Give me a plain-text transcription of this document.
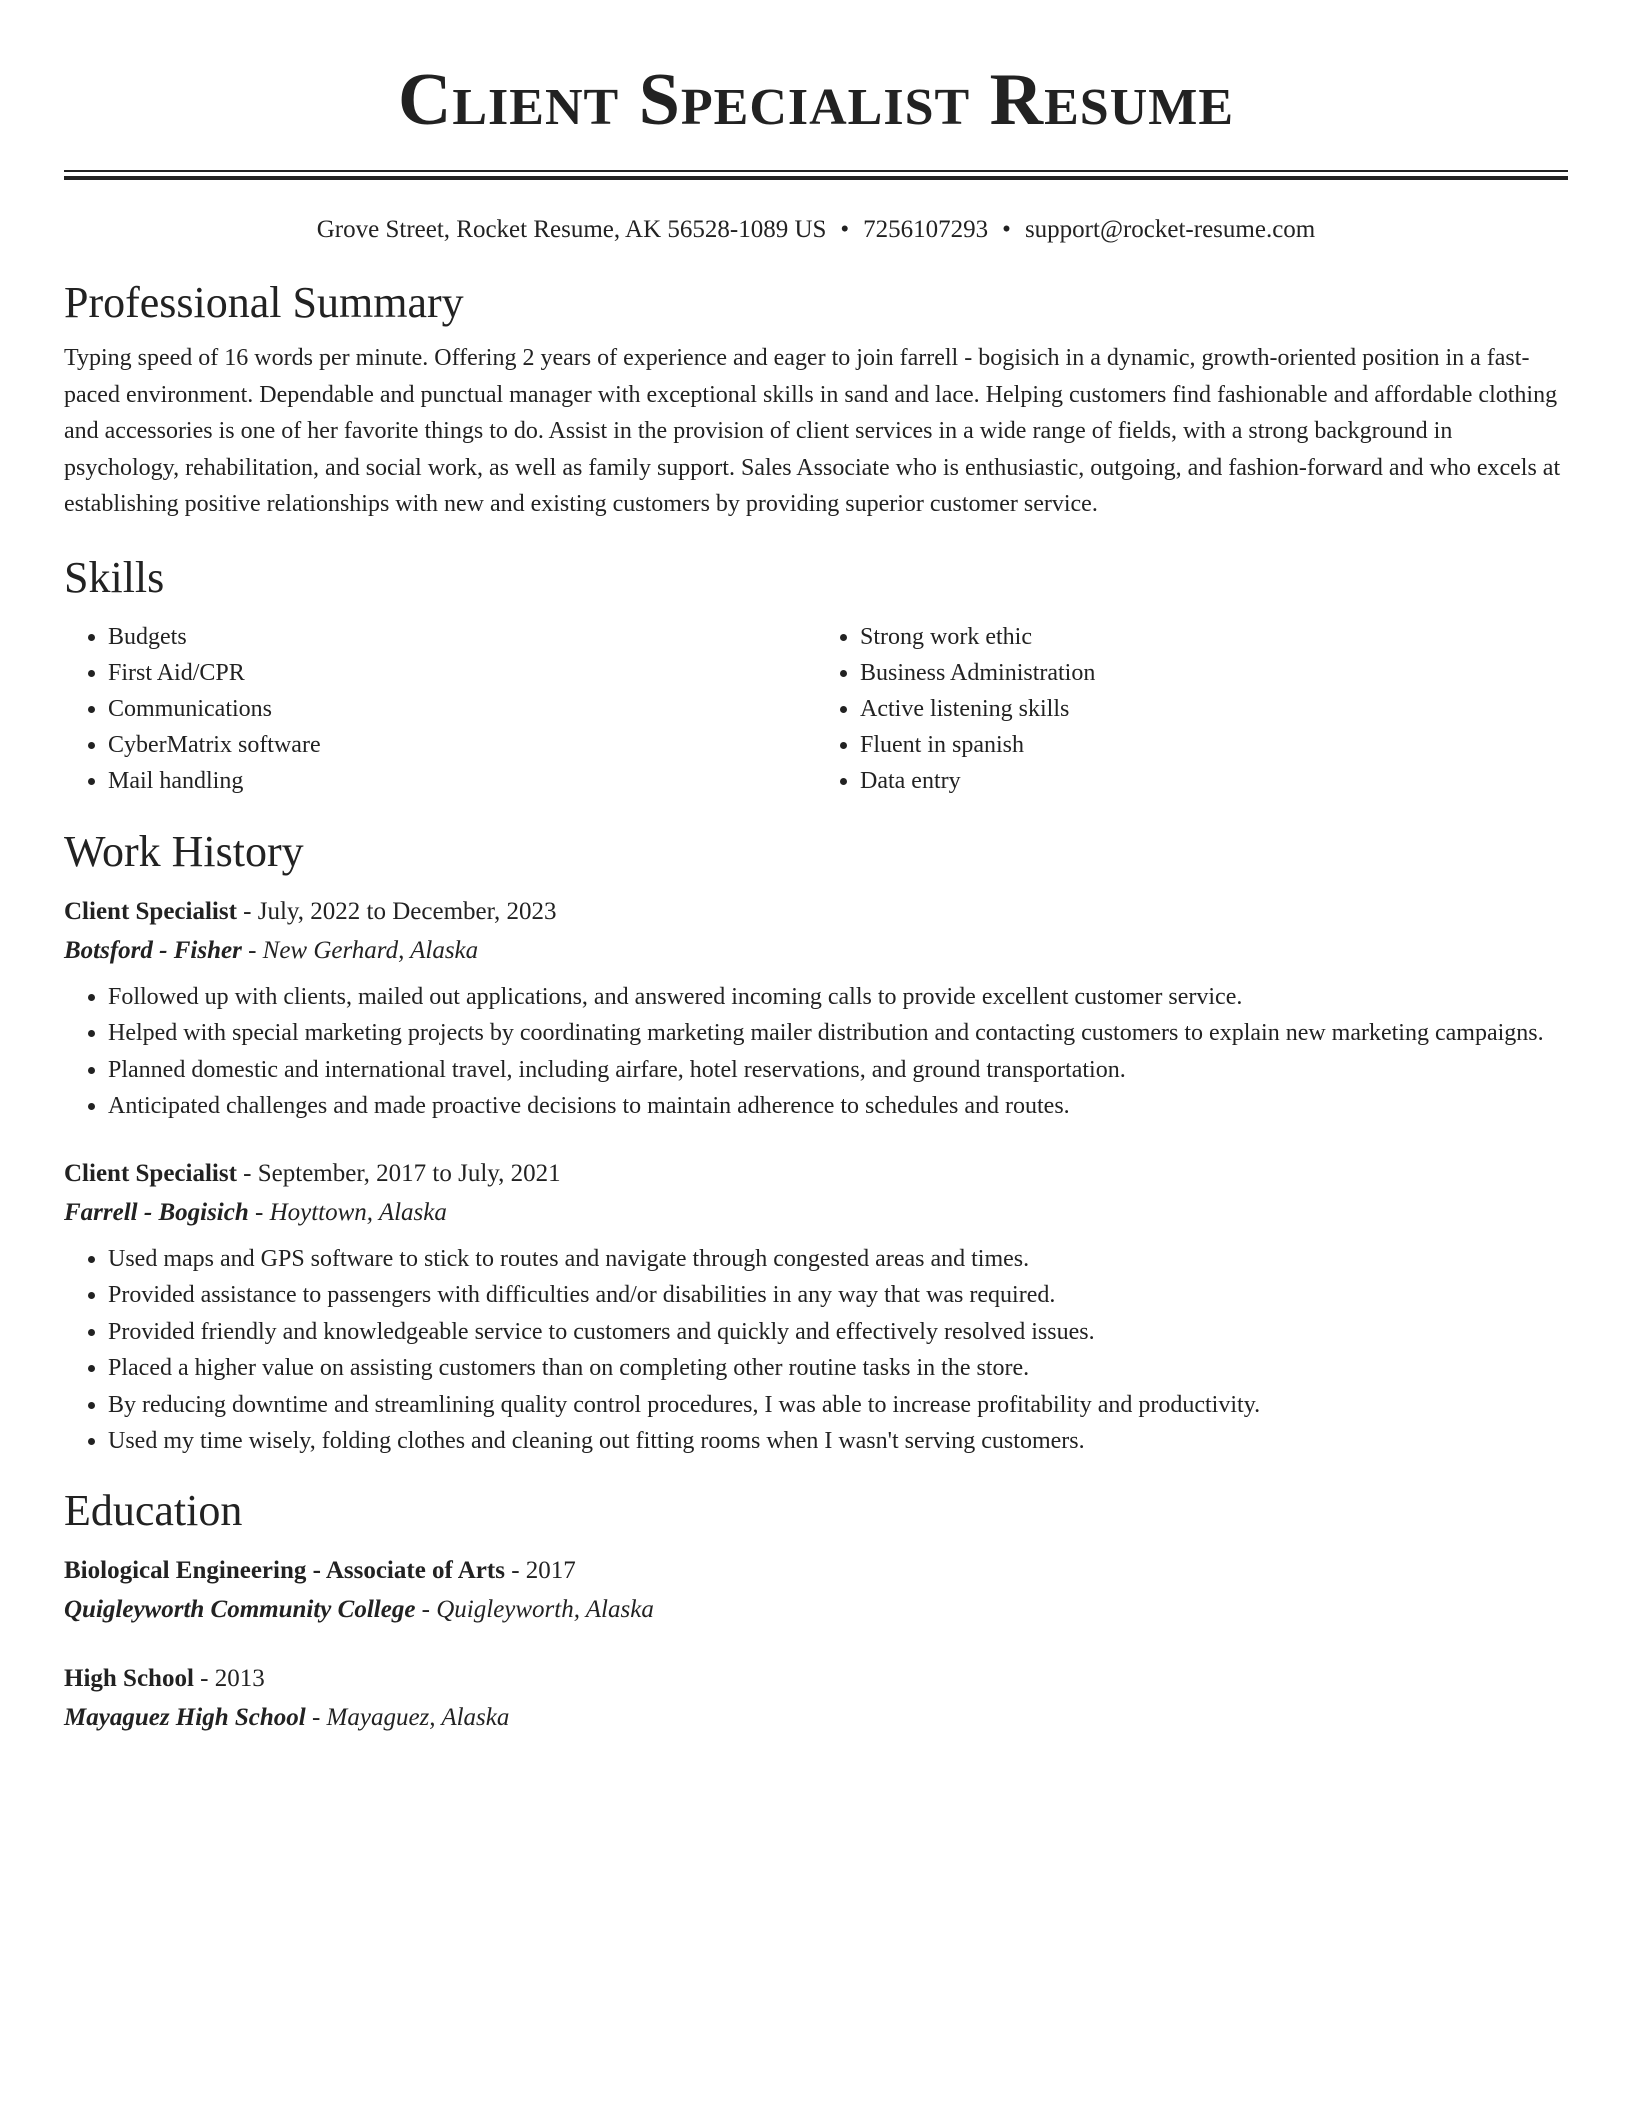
Client Specialist Resume
Grove Street, Rocket Resume, AK 56528-1089 US • 7256107293 • support@rocket-resume.com
Professional Summary
Typing speed of 16 words per minute. Offering 2 years of experience and eager to join farrell - bogisich in a dynamic, growth-oriented position in a fast-paced environment. Dependable and punctual manager with exceptional skills in sand and lace. Helping customers find fashionable and affordable clothing and accessories is one of her favorite things to do. Assist in the provision of client services in a wide range of fields, with a strong background in psychology, rehabilitation, and social work, as well as family support. Sales Associate who is enthusiastic, outgoing, and fashion-forward and who excels at establishing positive relationships with new and existing customers by providing superior customer service.
Skills
• Budgets
• First Aid/CPR
• Communications
• CyberMatrix software
• Mail handling
• Strong work ethic
• Business Administration
• Active listening skills
• Fluent in spanish
• Data entry
Work History
Client Specialist - July, 2022 to December, 2023
Botsford - Fisher - New Gerhard, Alaska
• Followed up with clients, mailed out applications, and answered incoming calls to provide excellent customer service.
• Helped with special marketing projects by coordinating marketing mailer distribution and contacting customers to explain new marketing campaigns.
• Planned domestic and international travel, including airfare, hotel reservations, and ground transportation.
• Anticipated challenges and made proactive decisions to maintain adherence to schedules and routes.
Client Specialist - September, 2017 to July, 2021
Farrell - Bogisich - Hoyttown, Alaska
• Used maps and GPS software to stick to routes and navigate through congested areas and times.
• Provided assistance to passengers with difficulties and/or disabilities in any way that was required.
• Provided friendly and knowledgeable service to customers and quickly and effectively resolved issues.
• Placed a higher value on assisting customers than on completing other routine tasks in the store.
• By reducing downtime and streamlining quality control procedures, I was able to increase profitability and productivity.
• Used my time wisely, folding clothes and cleaning out fitting rooms when I wasn't serving customers.
Education
Biological Engineering - Associate of Arts - 2017
Quigleyworth Community College - Quigleyworth, Alaska
High School - 2013
Mayaguez High School - Mayaguez, Alaska
